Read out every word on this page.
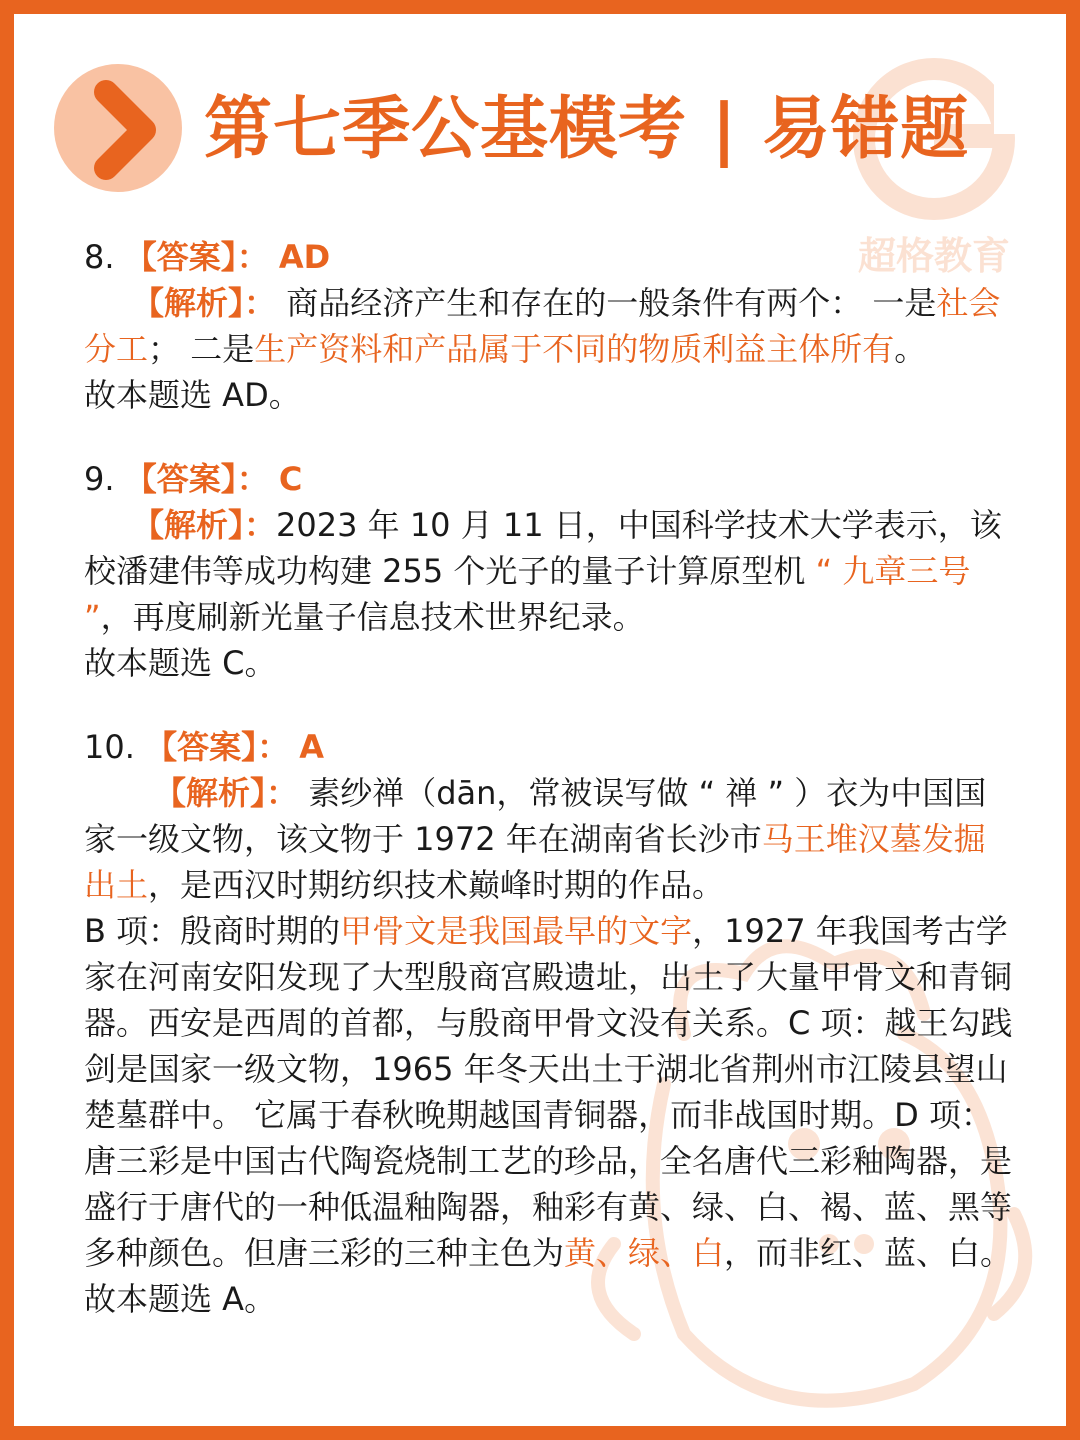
超格教育
第七季公基模考 | 易错题
8. 【答案】： AD
【解析】： 商品经济产生和存在的一般条件有两个： 一是社会分工； 二是生产资料和产品属于不同的物质利益主体所有。
故本题选 AD。
9. 【答案】： C
【解析】：2023 年 10 月 11 日，中国科学技术大学表示，该校潘建伟等成功构建 255 个光子的量子计算原型机 “ 九章三号 ”，再度刷新光量子信息技术世界纪录。
故本题选 C。
10. 【答案】： A
【解析】： 素纱禅（dān，常被误写做 “ 禅 ” ）衣为中国国家一级文物，该文物于 1972 年在湖南省长沙市马王堆汉墓发掘出土，是西汉时期纺织技术巅峰时期的作品。
B 项：殷商时期的甲骨文是我国最早的文字，1927 年我国考古学家在河南安阳发现了大型殷商宫殿遗址，出土了大量甲骨文和青铜器。西安是西周的首都，与殷商甲骨文没有关系。C 项：越王勾践剑是国家一级文物，1965 年冬天出土于湖北省荆州市江陵县望山楚墓群中。 它属于春秋晚期越国青铜器，而非战国时期。D 项：唐三彩是中国古代陶瓷烧制工艺的珍品，全名唐代三彩釉陶器，是盛行于唐代的一种低温釉陶器，釉彩有黄、绿、白、褐、蓝、黑等多种颜色。但唐三彩的三种主色为黄、绿、白，而非红、蓝、白。
故本题选 A。
